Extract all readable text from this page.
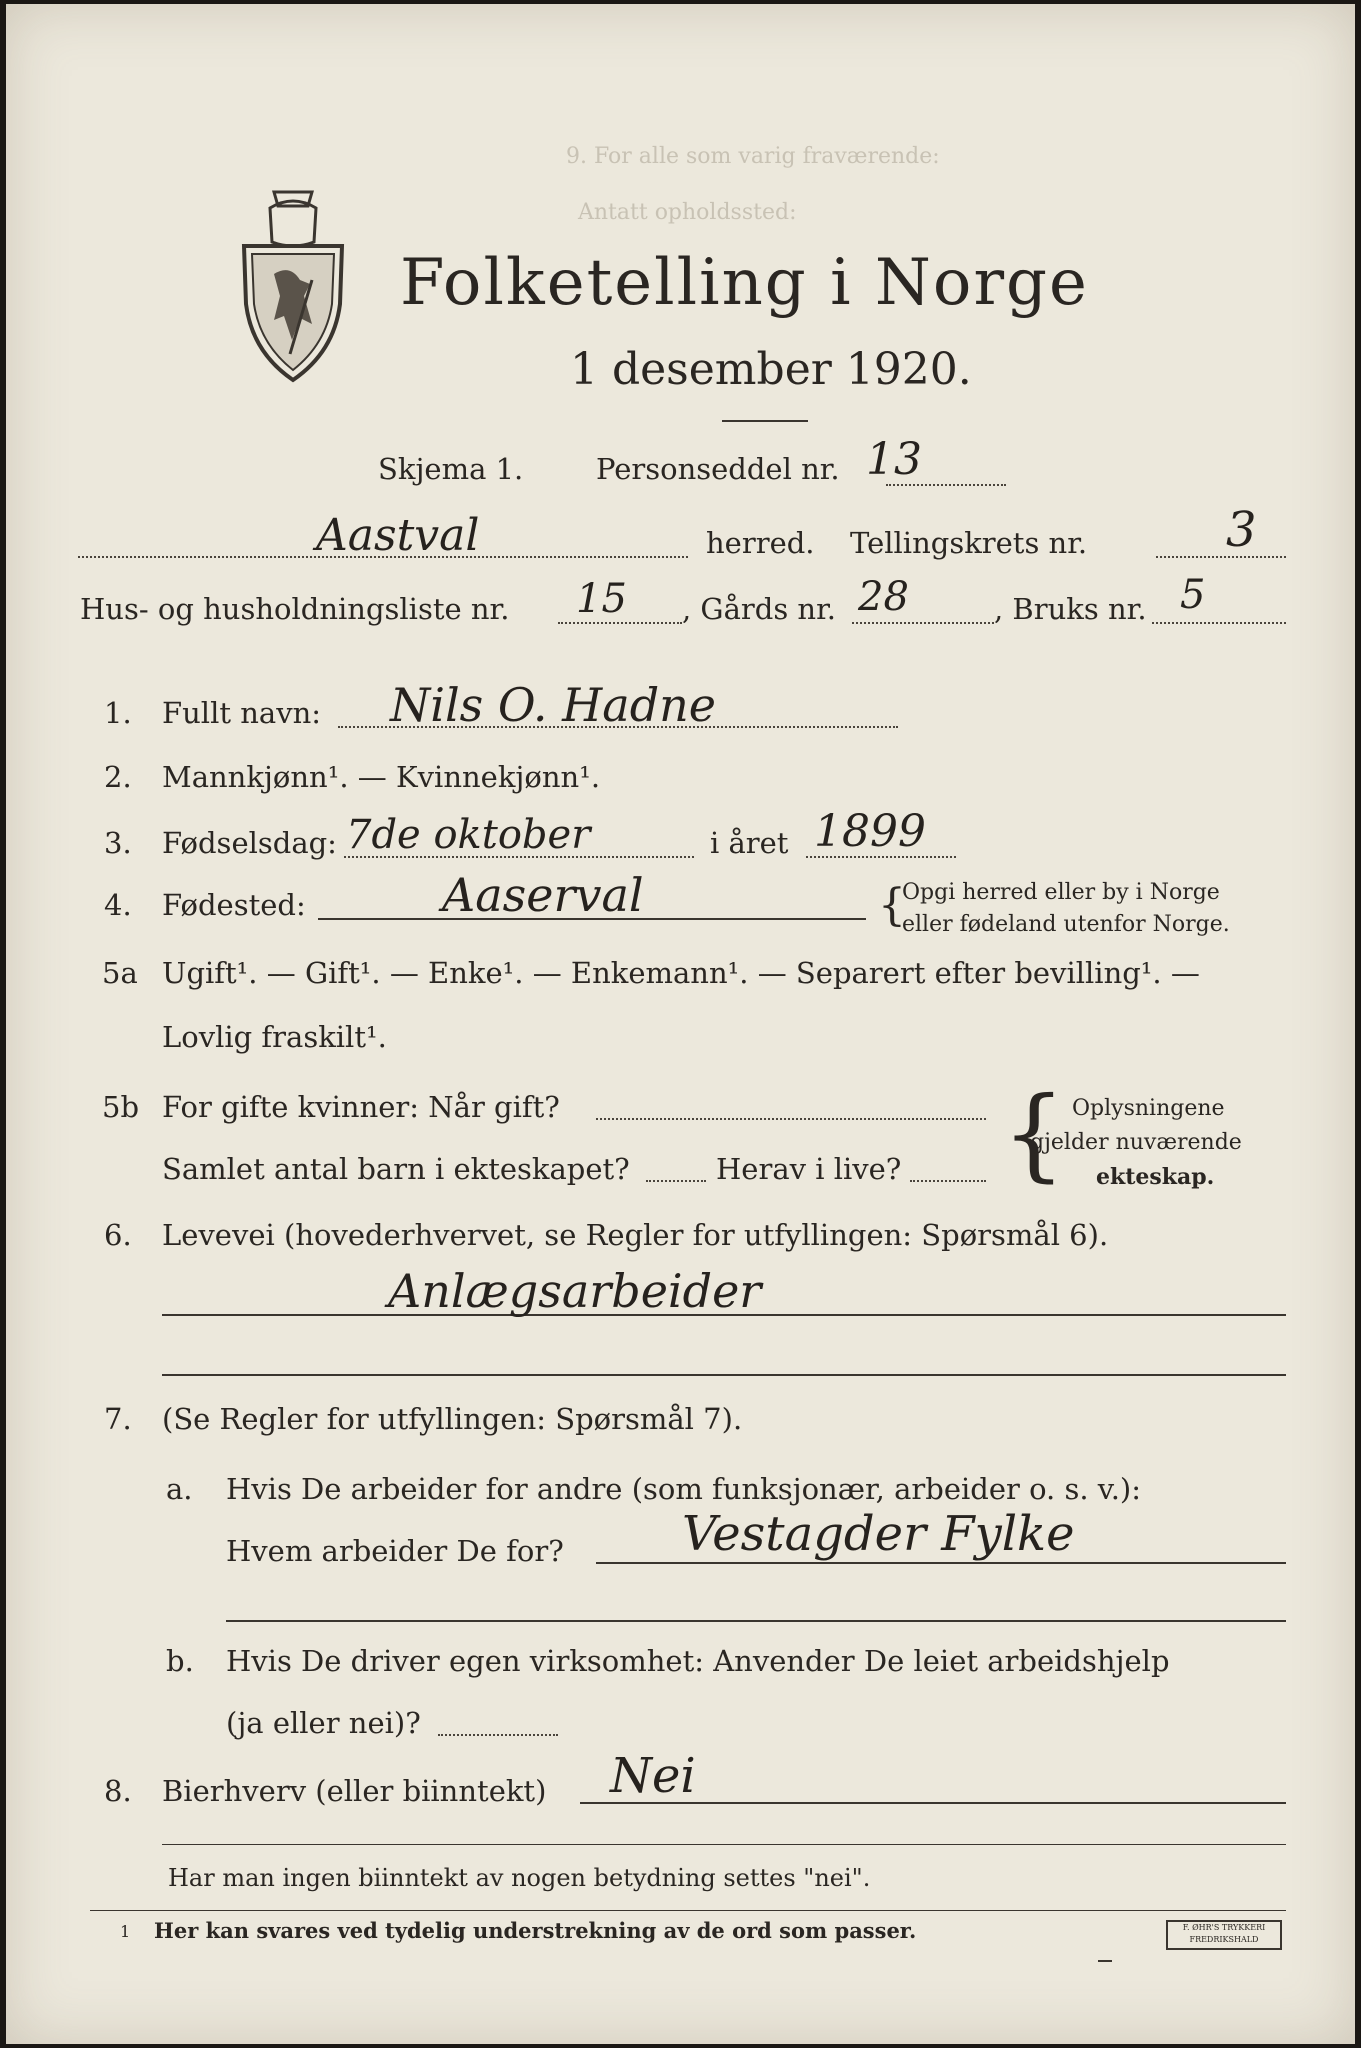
Folketelling i Norge
1 desember 1920.
9. For alle som varig fraværende:
Antatt opholdssted:
Skjema 1.	Personseddel nr. 13
Aastval	herred. Tellingskrets nr.	3
Hus- og husholdningsliste nr. 15 , Gårds nr. 28	, Bruks nr. 5
1. Fullt navn: Nils O. Hadne
2. Mannkjønn¹. — Kvinnekjønn¹.
3. Fødselsdag: 7de oktober	i året 1899
4. Fødested:	Aaserval	{
Opgi herred eller by i Norge
eller fødeland utenfor Norge.
5a Ugift¹. — Gift¹. — Enke¹. — Enkemann¹. — Separert efter bevilling¹. —
Lovlig fraskilt¹.
5b For gifte kvinner: Når gift?
Samlet antal barn i ekteskapet?	Herav i live? { Oplysningene
gjelder nuværende
ekteskap.
6. Levevei (hovederhvervet, se Regler for utfyllingen: Spørsmål 6).
Anlægsarbeider
7. (Se Regler for utfyllingen: Spørsmål 7).
a. Hvis De arbeider for andre (som funksjonær, arbeider o. s. v.):
Hvem arbeider De for? Vestagder Fylke
b. Hvis De driver egen virksomhet: Anvender De leiet arbeidshjelp
(ja eller nei)?
8. Bierhverv (eller biinntekt) Nei
Har man ingen biinntekt av nogen betydning settes "nei".
1 Her kan svares ved tydelig understrekning av de ord som passer.	F. ØHR'S TRYKKERI FREDRIKSHALD
